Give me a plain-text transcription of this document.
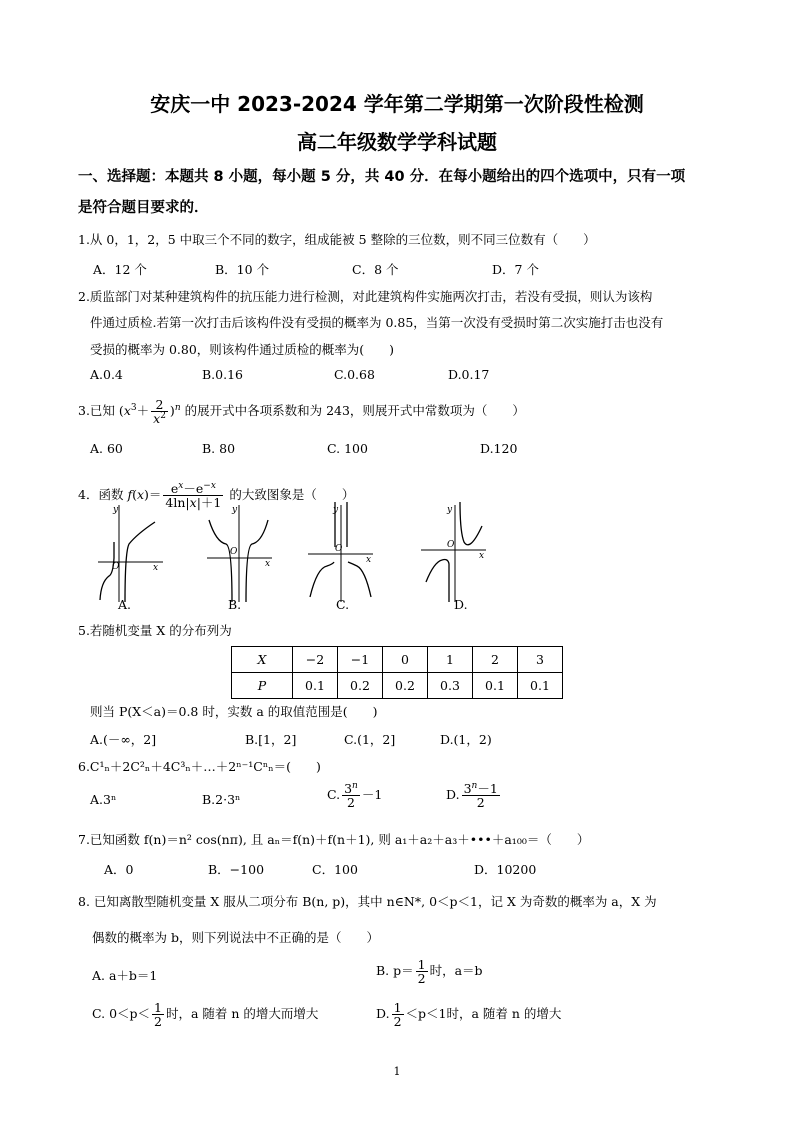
安庆一中 2023-2024 学年第二学期第一次阶段性检测
高二年级数学学科试题
一、选择题：本题共 8 小题，每小题 5 分，共 40 分．在每小题给出的四个选项中，只有一项
是符合题目要求的．
1.从 0，1，2，5 中取三个不同的数字，组成能被 5 整除的三位数，则不同三位数有（　　）
A．12 个	B．10 个	C．8 个	D．7 个
2.质监部门对某种建筑构件的抗压能力进行检测，对此建筑构件实施两次打击，若没有受损，则认为该构
件通过质检.若第一次打击后该构件没有受损的概率为 0.85，当第一次没有受损时第二次实施打击也没有
受损的概率为 0.80，则该构件通过质检的概率为(　　)
A.0.4	B.0.16	C.0.68	D.0.17
3.已知 $(x^3+ \frac{2}{x^2} )^n$ 的展开式中各项系数和为 243，则展开式中常数项为（　　）
A. 60	B. 80	C. 100	D.120
4．函数 $f(x)= \frac{e^x-e^{-x}}{4\ln|x|+1}$ 的大致图象是（　　）
O
y
x
O
y
x
O
y
x
O
y
x
A.	B.	C.	D.
5.若随机变量 X 的分布列为
X	−2	−1	0	1	2	3
P	0.1	0.2	0.2	0.3	0.1	0.1
则当 P(X＜a)＝0.8 时，实数 a 的取值范围是(　　)
A.(－∞，2]	B.[1，2]	C.(1，2]	D.(1，2)
6.C¹ₙ＋2C²ₙ＋4C³ₙ＋…＋2ⁿ⁻¹Cⁿₙ＝(　　)
A.3ⁿ	B.2·3ⁿ	C. $\frac{3^n}{2} -1$	D. $\frac{3^n-1}{2}$
7.已知函数 f(n)＝n² cos(nπ), 且 aₙ＝f(n)＋f(n＋1), 则 a₁＋a₂＋a₃＋•••＋a₁₀₀＝（　　）
A．0	B．−100	C．100	D．10200
8. 已知离散型随机变量 X 服从二项分布 B(n, p)，其中 n∈N*, 0＜p＜1，记 X 为奇数的概率为 a，X 为
偶数的概率为 b，则下列说法中不正确的是（　　）
A. a＋b＝1	B. $p= \frac{1}{2}$ 时，a＝b
C. $0<p< \frac{1}{2}$ 时，a 随着 n 的增大而增大	D. $\frac{1}{2} <p<1$时，a 随着 n 的增大
1
